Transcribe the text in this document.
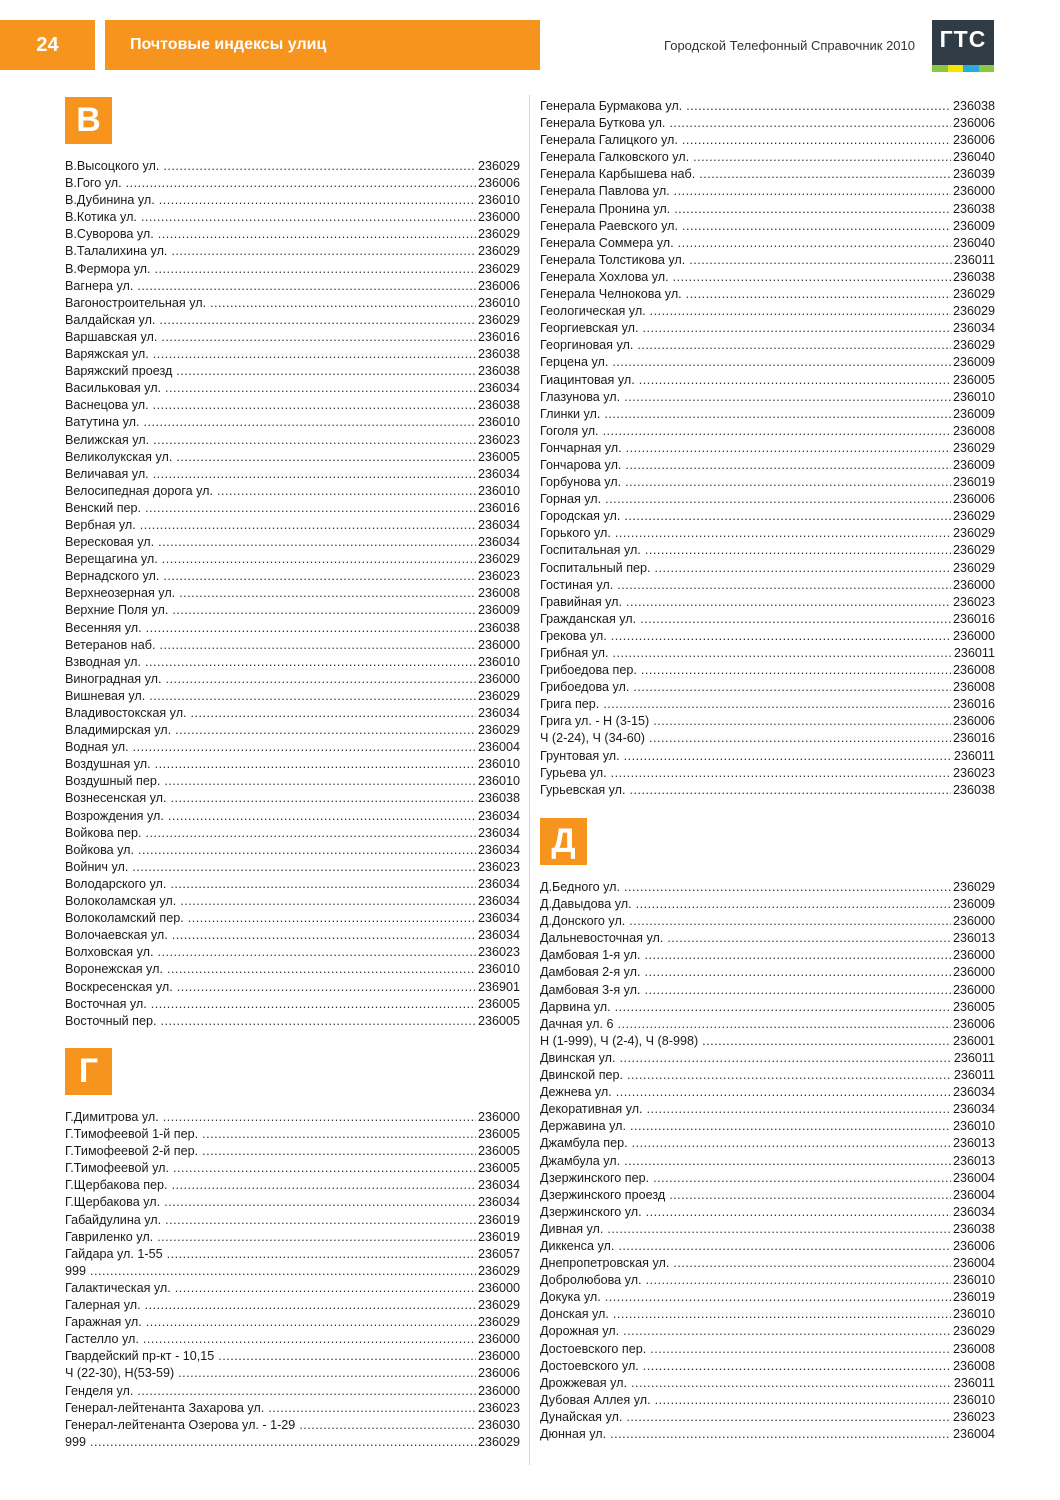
24	Почтовые индексы улиц	Городской Телефонный Справочник 2010 ГТС
В
В.Высоцкого ул. .....	236029
В.Гого ул. .....	236006
В.Дубинина ул. .....	236010
В.Котика ул. .....	236000
В.Суворова ул. .....	236029
В.Талалихина ул. .....	236029
В.Фермора ул. .....	236029
Вагнера ул. .....	236006
Вагоностроительная ул. .....	236010
Валдайская ул. .....	236029
Варшавская ул. .....	236016
Варяжская ул. .....	236038
Варяжский проезд .....	236038
Васильковая ул. .....	236034
Васнецова ул. .....	236038
Ватутина ул. .....	236010
Велижская ул. .....	236023
Великолукская ул. .....	236005
Величавая ул. .....	236034
Велосипедная дорога ул. .....	236010
Венский пер. .....	236016
Вербная ул. .....	236034
Вересковая ул. .....	236034
Верещагина ул. .....	236029
Вернадского ул. .....	236023
Верхнеозерная ул. .....	236008
Верхние Поля ул. .....	236009
Весенняя ул. .....	236038
Ветеранов наб. .....	236000
Взводная ул. .....	236010
Виноградная ул. .....	236000
Вишневая ул. .....	236029
Владивостокская ул. .....	236034
Владимирская ул. .....	236029
Водная ул. .....	236004
Воздушная ул. .....	236010
Воздушный пер. .....	236010
Вознесенская ул. .....	236038
Возрождения ул. .....	236034
Войкова пер. .....	236034
Войкова ул. .....	236034
Войнич ул. .....	236023
Володарского ул. .....	236034
Волоколамская ул. .....	236034
Волоколамский пер. .....	236034
Волочаевская ул. .....	236034
Волховская ул. .....	236023
Воронежская ул. .....	236010
Воскресенская ул. .....	236901
Восточная ул. .....	236005
Восточный пер. .....	236005
Г
Г.Димитрова ул. .....	236000
Г.Тимофеевой 1-й пер. .....	236005
Г.Тимофеевой 2-й пер. .....	236005
Г.Тимофеевой ул. .....	236005
Г.Щербакова пер. .....	236034
Г.Щербакова ул. .....	236034
Габайдулина ул. .....	236019
Гавриленко ул. .....	236019
Гайдара ул. 1-55 .....	236057
999 .....	236029
Галактическая ул. .....	236000
Галерная ул. .....	236029
Гаражная ул. .....	236029
Гастелло ул. .....	236000
Гвардейский пр-кт - 10,15 .....	236000
Ч (22-30), Н(53-59) .....	236006
Генделя ул. .....	236000
Генерал-лейтенанта Захарова ул. .....	236023
Генерал-лейтенанта Озерова ул. - 1-29 .....	236030
999 .....	236029
Генерала Бурмакова ул. .....	236038
Генерала Буткова ул. .....	236006
Генерала Галицкого ул. .....	236006
Генерала Галковского ул. .....	236040
Генерала Карбышева наб. .....	236039
Генерала Павлова ул. .....	236000
Генерала Пронина ул. .....	236038
Генерала Раевского ул. .....	236009
Генерала Соммера ул. .....	236040
Генерала Толстикова ул. .....	236011
Генерала Хохлова ул. .....	236038
Генерала Челнокова ул. .....	236029
Геологическая ул. .....	236029
Георгиевская ул. .....	236034
Георгиновая ул. .....	236029
Герцена ул. .....	236009
Гиацинтовая ул. .....	236005
Глазунова ул. .....	236010
Глинки ул. .....	236009
Гоголя ул. .....	236008
Гончарная ул. .....	236029
Гончарова ул. .....	236009
Горбунова ул. .....	236019
Горная ул. .....	236006
Городская ул. .....	236029
Горького ул. .....	236029
Госпитальная ул. .....	236029
Госпитальный пер. .....	236029
Гостиная ул. .....	236000
Гравийная ул. .....	236023
Гражданская ул. .....	236016
Грекова ул. .....	236000
Грибная ул. .....	236011
Грибоедова пер. .....	236008
Грибоедова ул. .....	236008
Грига пер. .....	236016
Грига ул. - Н (3-15) .....	236006
Ч (2-24), Ч (34-60) .....	236016
Грунтовая ул. .....	236011
Гурьева ул. .....	236023
Гурьевская ул. .....	236038
Д
Д.Бедного ул. .....	236029
Д.Давыдова ул. .....	236009
Д.Донского ул. .....	236000
Дальневосточная ул. .....	236013
Дамбовая 1-я ул. .....	236000
Дамбовая 2-я ул. .....	236000
Дамбовая 3-я ул. .....	236000
Дарвина ул. .....	236005
Дачная ул. 6 .....	236006
Н (1-999), Ч (2-4), Ч (8-998) .....	236001
Двинская ул. .....	236011
Двинской пер. .....	236011
Дежнева ул. .....	236034
Декоративная ул. .....	236034
Державина ул. .....	236010
Джамбула пер. .....	236013
Джамбула ул. .....	236013
Дзержинского пер. .....	236004
Дзержинского проезд .....	236004
Дзержинского ул. .....	236034
Дивная ул. .....	236038
Диккенса ул. .....	236006
Днепропетровская ул. .....	236004
Добролюбова ул. .....	236010
Докука ул. .....	236019
Донская ул. .....	236010
Дорожная ул. .....	236029
Достоевского пер. .....	236008
Достоевского ул. .....	236008
Дрожжевая ул. .....	236011
Дубовая Аллея ул. .....	236010
Дунайская ул. .....	236023
Дюнная ул. .....	236004
